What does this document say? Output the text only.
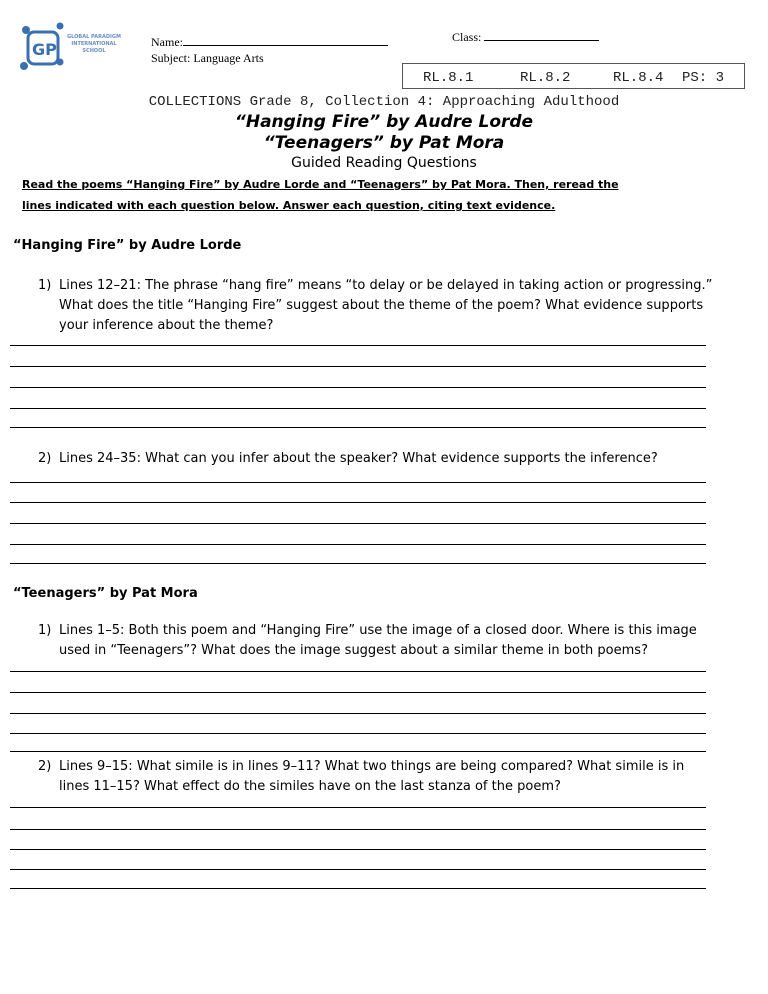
GP
GLOBAL PARADIGM INTERNATIONAL SCHOOL
Name:
Subject: Language Arts
Class:
RL.8.1	RL.8.2	RL.8.4 PS: 3
COLLECTIONS Grade 8, Collection 4: Approaching Adulthood
“Hanging Fire” by Audre Lorde
“Teenagers” by Pat Mora
Guided Reading Questions
Read the poems “Hanging Fire” by Audre Lorde and “Teenagers” by Pat Mora. Then, reread the
lines indicated with each question below. Answer each question, citing text evidence.
“Hanging Fire” by Audre Lorde
1) Lines 12–21: The phrase “hang fire” means “to delay or be delayed in taking action or progressing.” What does the title “Hanging Fire” suggest about the theme of the poem? What evidence supports your inference about the theme?
2) Lines 24–35: What can you infer about the speaker? What evidence supports the inference?
“Teenagers” by Pat Mora
1) Lines 1–5: Both this poem and “Hanging Fire” use the image of a closed door. Where is this image used in “Teenagers”? What does the image suggest about a similar theme in both poems?
2) Lines 9–15: What simile is in lines 9–11? What two things are being compared? What simile is in lines 11–15? What effect do the similes have on the last stanza of the poem?
